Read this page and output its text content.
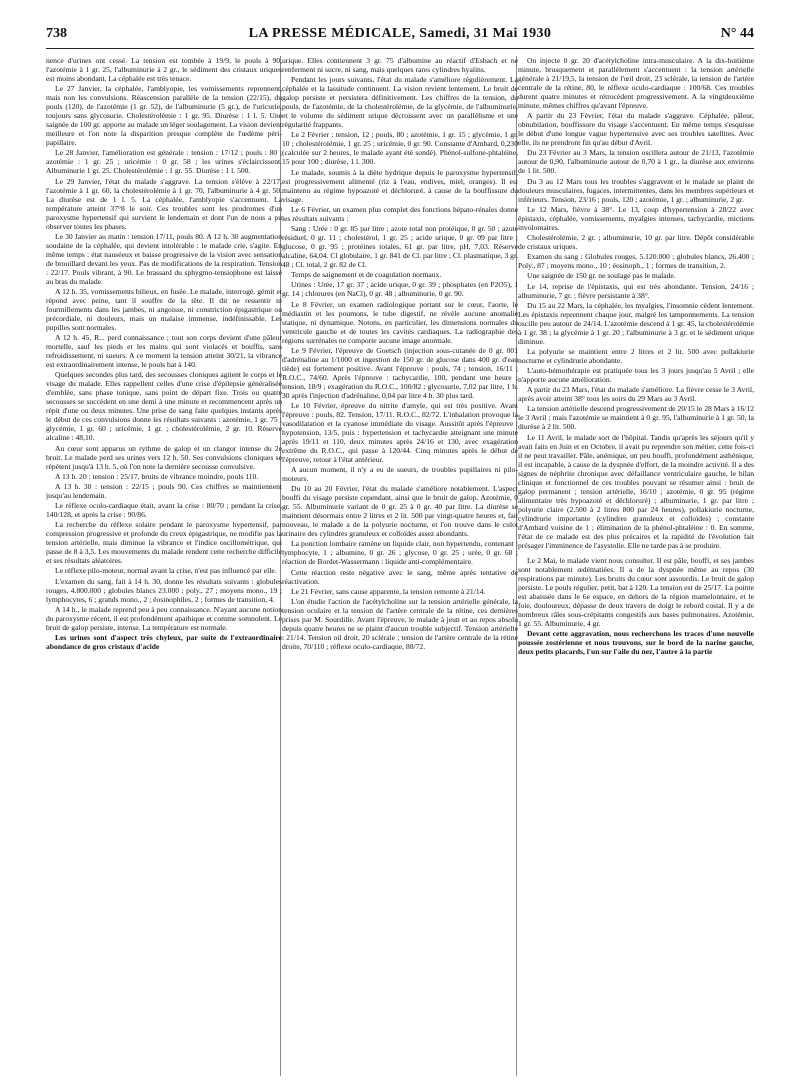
738	LA PRESSE MÉDICALE, Samedi, 31 Mai 1930	N° 44

nence d'urines ont cessé. La tension est tombée à 19/9, le pouls à 90, l'azotémie à 1 gr. 25, l'albuminurie à 2 gr., le sédiment des cristaux uriques est moins abondant. La céphalée est très tenace.

Le 27 Janvier, la céphalée, l'amblyopie, les vomissements reprennent, mais non les convulsions. Réascension parallèle de la tension (22/15), du pouls (120), de l'azotémie (1 gr. 52), de l'albuminurie (5 gr.), de l'uricurie, toujours sans glycosurie. Cholestérolémie : 1 gr. 95. Diurèse : 1 l. 5. Une saignée de 100 gr. apporte au malade un léger soulagement. La vision devient meilleure et l'on note la disparition presque complète de l'œdème péri-papillaire.

Le 28 Janvier, l'amélioration est générale : tension : 17/12 ; pouls : 80 ; azotémie : 1 gr. 25 ; uricémie : 0 gr. 58 ; les urines s'éclaircissent. Albuminurie 1 gr. 25. Cholestérolémie : 1 gr. 55. Diurèse : 1 l. 500.

Le 29 Janvier, l'état du malade s'aggrave. La tension s'élève à 22/17, l'azotémie à 1 gr. 60, la cholestérolémie à 1 gr. 70, l'albuminurie à 4 gr. 50. La diurèse est de 1 l. 5. La céphalée, l'amblyopie s'accentuent. La température atteint 37°8 le soir. Ces troubles sont les prodromes d'un paroxysme hypertensif qui survient le lendemain et dont l'un de nous a pu observer toutes les phases.

Le 30 Janvier au matin : tension 17/11, pouls 80. A 12 h. 30 augmentation soudaine de la céphalée, qui devient intolérable : le malade crie, s'agite. En même temps : état nauséeux et baisse progressive de la vision avec sensation de brouillard devant les yeux. Pas de modifications de la respiration. Tension : 22/17. Pouls vibrant, à 90. Le brassard du sphygmo-tensiophone est laissé au bras du malade.

A 12 h. 35, vomissements bilieux, en fusée. Le malade, interrogé, gémit et répond avec peine, tant il souffre de la tête. Il dit ne ressentir ni fourmillements dans les jambes, ni angoisse, ni constriction épigastrique ou précordiale, ni douleurs, mais un malaise immense, indéfinissable. Les pupilles sont normales.

A 12 h. 45, R... perd connaissance ; tout son corps devient d'une pâleur mortelle, sauf les pieds et les mains qui sont violacés et bouffis, sans refroidissement, ni sueurs. A ce moment la tension atteint 30/21, la vibrance est extraordinairement intense, le pouls bat à 140.

Quelques secondes plus tard, des secousses cloniques agitent le corps et le visage du malade. Elles rappellent celles d'une crise d'épilepsie généralisée d'emblée, sans phase tonique, sans point de départ fixe. Trois ou quatre secousses se succèdent en une demi à une minute et recommencent après un répit d'une ou deux minutes. Une prise de sang faite quelques instants après le début de ces convulsions donne les résultats suivants : azotémie, 1 gr. 75 ; glycémie, 1 gr. 60 ; uricémie, 1 gr. ; cholestérolémie, 2 gr. 10. Réserve alcaline : 48,10.

Au cœur sont apparus un rythme de galop et un clangor intense du 2e bruit. Le malade perd ses urines vers 12 h. 50. Ses convulsions cloniques se répètent jusqu'à 13 h. 5, où l'on note la dernière secousse convulsive.

A 13 h. 20 : tension : 25/17, bruits de vibrance moindre, pouls 110.

A 13 h. 30 : tension : 22/15 ; pouls 90. Ces chiffres se maintiennent jusqu'au lendemain.

Le réflexe oculo-cardiaque était, avant la crise : 80/70 ; pendant la crise, 140/128, et après la crise : 90/86.

La recherche du réflexe solaire pendant le paroxysme hypertensif, par compression progressive et profonde du creux épigastrique, ne modifie pas la tension artérielle, mais diminue la vibrance et l'indice oscillométrique, qui passe de 8 à 3,5. Les mouvements du malade rendent cette recherche difficile et ses résultats aléatoires.

Le réflexe pilo-moteur, normal avant la crise, n'est pas influencé par elle.

L'examen du sang, fait à 14 h. 30, donne les résultats suivants : globules rouges, 4.800.000 ; globules blancs 23.000 ; poly., 27 ; moyens mono., 19 ; lymphocytes, 6 ; grands mono., 2 ; éosinophiles, 2 ; formes de transition, 4.

A 14 h., le malade reprend peu à peu connaissance. N'ayant aucune notion du paroxysme récent, il est profondément apathique et comme somnolent. Le bruit de galop persiste, intense. La température est normale.

Les urines sont d'aspect très chyleux, par suite de l'extraordinaire abondance de gros cristaux d'acide

urique. Elles contiennent 3 gr. 75 d'albumine au réactif d'Esbach et ne renferment ni sucre, ni sang, mais quelques rares cylindres hyalins.

Pendant les jours suivants, l'état du malade s'améliore régulièrement. La céphalée et la lassitude continuent. La vision revient lentement. Le bruit de galop persiste et persistera définitivement. Les chiffres de la tension, du pouls, de l'azotémie, de la cholestérolémie, de la glycémie, de l'albuminurie, et le volume du sédiment urique décroissent avec un parallélisme et une régularité frappants.

Le 2 Février : tension, 12 ; pouls, 80 ; azotémie, 1 gr. 15 ; glycémie, 1 gr. 10 ; cholestérolémie, 1 gr. 25 ; uricémie, 0 gr. 90. Constante d'Ambard, 0,230 (calculée sur 2 heures, le malade ayant été sondé). Phénol-sulfone-phtaléine, 15 pour 100 ; diurèse, 1 l. 300.

Le malade, soumis à la diète hydrique depuis le paroxysme hypertensif, est progressivement alimenté (riz à l'eau, endives, miel, oranges). Il est maintenu au régime hypoazoté et déchloruré, à cause de la bouffissure du visage.

Le 6 Février, un examen plus complet des fonctions hépato-rénales donne les résultats suivants :

Sang : Urée : 0 gr. 85 par litre ; azote total non protéique, 0 gr. 50 ; azote résiduel, 0 gr. 11 ; cholestérol, 1 gr. 25 ; acide urique, 0 gr. 09 par litre ; glucose, 0 gr. 95 ; protéines totales, 61 gr. par litre, pH, 7,03. Réserve alcaline, 64,04. Cl globulaire, 1 gr. 841 de Cl. par litre ; Cl. plasmatique, 3 gr. 48 ; Cl. total, 2 gr. 82 de Cl.

Temps de saignement et de coagulation normaux.

Urines : Urée, 17 gr. 37 ; acide urique, 0 gr. 39 ; phosphates (en P2O5), 1 gr. 14 ; chlorures (en NaCl), 0 gr. 48 ; albuminurie, 0 gr. 90.

Le 8 Février, un examen radiologique portant sur le cœur, l'aorte, le médiastin et les poumons, le tube digestif, ne révèle aucune anomalie statique, ni dynamique. Notons, en particulier, les dimensions normales du ventricule gauche et de toutes les cavités cardiaques. La radiographie des régions surrénales ne comporte aucune image anormale.

Le 9 Février, l'épreuve de Goetsch (injection sous-cutanée de 0 gr. 001 d'adrénaline au 1/1000 et ingestion de 150 gr. de glucose dans 400 gr. d'eau tiède) est fortement positive. Avant l'épreuve : pouls, 74 ; tension, 16/11 ; R.O.C., 74/60. Après l'épreuve : tachycardie, 100, pendant une heure ; tension, 18/9 ; exagération du R.O.C., 100/82 ; glycosurie, 7,02 par litre, 1 h. 30 après l'injection d'adrénaline, 0,04 par litre 4 h. 30 plus tard.

Le 10 Février, épreuve du nitrite d'amyle, qui est très positive. Avant l'épreuve : pouls, 82. Tension, 17/11. R.O.C., 82/72. L'inhalation provoque la vasodilatation et la cyanose immédiate du visage. Aussitôt après l'épreuve : hypotension, 13/5, puis : hypertension et tachycardie atteignant une minute après 19/11 et 110, deux minutes après 24/16 et 130, avec exagération extrême du R.O.C., qui passe à 120/44. Cinq minutes après le début de l'épreuve, retour à l'état antérieur.

A aucun moment, il n'y a eu de sueurs, de troubles pupillaires ni pilo-moteurs.

Du 10 au 20 Février, l'état du malade s'améliore notablement. L'aspect bouffi du visage persiste cependant, ainsi que le bruit de galop. Azotémie, 0 gr. 55. Albuminurie variant de 0 gr. 25 à 0 gr. 40 par litre. La diurèse se maintient désormais entre 2 litres et 2 lit. 500 par vingt-quatre heures et, fait nouveau, le malade a de la polyurie nocturne, et l'on trouve dans le culot urinaire des cylindres granuleux et colloïdes assez abondants.

La ponction lombaire ramène un liquide clair, non hypertendu, contenant : lymphocyte, 1 ; albumine, 0 gr. 26 ; glycose, 0 gr. 25 ; urée, 0 gr. 68 ; réaction de Bordet-Wassermann : liquide anti-complémentaire.

Cette réaction reste négative avec le sang, même après tentative de réactivation.

Le 21 Février, sans cause apparente, la tension remonte à 21/14.

L'on étudie l'action de l'acétylcholine sur la tension artérielle générale, la tension oculaire et la tension de l'artère centrale de la rétine, ces dernières prises par M. Sourdille. Avant l'épreuve, le malade à jeun et au repos absolu depuis quatre heures ne se plaint d'aucun trouble subjectif. Tension artérielle : 21/14. Tension oil droit, 20 sclérale ; tension de l'artère centrale de la rétine droite, 70/110 ; réflexe oculo-cardiaque, 88/72.

On injecte 0 gr. 20 d'acétylcholine intra-musculaire. A la dix-huitième minute, brusquement et parallèlement s'accentuent : la tension artérielle générale à 21/19,5, la tension de l'œil droit, 23 sclérale, la tension de l'artère centrale de la rétine, 80, le réflexe oculo-cardiaque : 100/68. Ces troubles durent quatre minutes et rétrocèdent progressivement. A la vingtdeuxième minute, mêmes chiffres qu'avant l'épreuve.

A partir du 23 Février, l'état du malade s'aggrave. Céphalée, pâleur, obnubilation, bouffissure du visage s'accentuent. En même temps s'esquisse le début d'une longue vague hypertensive avec ses troubles satellites. Avec elle, ils ne prendront fin qu'au début d'Avril.

Du 23 Février au 3 Mars, la tension oscillera autour de 21/13, l'azotémie autour de 0,90, l'albuminurie autour de 0,70 à 1 gr., la diurèse aux environs de 1 lit. 500.

Du 3 au 12 Mars tous les troubles s'aggravent et le malade se plaint de douleurs musculaires, fugaces, intermittentes, dans les membres supérieurs et inférieurs. Tension, 23/16 ; pouls, 120 ; azotémie, 1 gr. ; albuminurie, 2 gr.

Le 12 Mars, fièvre à 38°. Le 13, coup d'hypertension à 28/22 avec épistaxis, céphalée, vomissements, myalgies intenses, tachycardie, mictions involontaires.

Cholestérolémie, 2 gr. ; albuminurie, 10 gr. par litre. Dépôt considérable de cristaux uriques.

Examen du sang : Globules rouges, 5.120.000 ; globules blancs, 26.400 ; Poly., 87 ; moyens mono., 10 ; éosinoph., 1 ; formes de transition, 2.

Une saignée de 150 gr. ne soulage pas le malade.

Le 14, reprise de l'épistaxis, qui est très abondante. Tension, 24/16 ; albuminurie, 7 gr. ; fièvre persistante à 38°.

Du 15 au 22 Mars, la céphalée, les myalgies, l'insomnie cèdent lentement. Les épistaxis reprennent chaque jour, malgré les tamponnements. La tension oscille peu autour de 24/14. L'azotémie descend à 1 gr. 45, la cholestérolémie à 1 gr. 38 ; la glycémie à 1 gr. 20 ; l'albuminurie à 3 gr. et le sédiment urique diminue.

La polyurie se maintient entre 2 litres et 2 lit. 500 avec pollakiurie nocturne et cylindrurie abondante.

L'auto-hémothérapie est pratiquée tous les 3 jours jusqu'au 5 Avril ; elle n'apporte aucune amélioration.

A partir du 23 Mars, l'état du malade s'améliore. La fièvre cesse le 3 Avril, après avoir atteint 38° tous les soirs du 29 Mars au 3 Avril.

La tension artérielle descend progressivement de 20/15 le 28 Mars à 16/12 le 3 Avril ; mais l'azotémie se maintient à 0 gr. 95, l'albuminurie à 1 gr. 50, la diurèse à 2 lit. 500.

Le 11 Avril, le malade sort de l'hôpital. Tandis qu'après les séjours qu'il y avait faits en Juin et en Octobre, il avait pu reprendre son métier, cette fois-ci il ne peut travailler. Pâle, anémique, un peu bouffi, profondément asthénique, il est incapable, à cause de la dyspnée d'effort, de la moindre activité. Il a des signes de néphrite chronique avec défaillance ventriculaire gauche, le bilan clinique et fonctionnel de ces troubles pouvant se résumer ainsi : bruit de galop permanent ; tension artérielle, 16/10 ; azotémie, 0 gr. 95 (régime alimentaire très hypoazoté et déchloruré) ; albuminurie, 1 gr. par litre ; polyurie claire (2.500 à 2 litres 800 par 24 heures), pollakiurie nocturne, cylindrurie importante (cylindres granuleux et colloïdes) ; constante d'Ambard voisine de 1 ; élimination de la phénol-phtaléine : 0. En somme, l'état de ce malade est des plus précaires et la rapidité de l'évolution fait présager l'imminence de l'asystolie. Elle ne tarde pas à se produire.

Le 2 Mai, le malade vient nous consulter. Il est pâle, bouffi, et ses jambes sont notablement œdématiées. Il a de la dyspnée même au repos (30 respirations par minute). Les bruits du cœur sont assourdis. Le bruit de galop persiste. Le pouls régulier, petit, bat à 120. La tension est de 25/17. La pointe est abaissée dans le 6e espace, en dehors de la région mamelonnaire, et le foie, douloureux, dépasse de deux travers de doigt le rebord costal. Il y a de nombreux râles sous-crépitants congestifs aux bases pulmonaires. Azotémie, 1 gr. 55. Albuminurie, 4 gr.

Devant cette aggravation, nous recherchons les traces d'une nouvelle poussée zostérienne et nous trouvons, sur le bord de la narine gauche, deux petits placards, l'un sur l'aile du nez, l'autre à la partie
